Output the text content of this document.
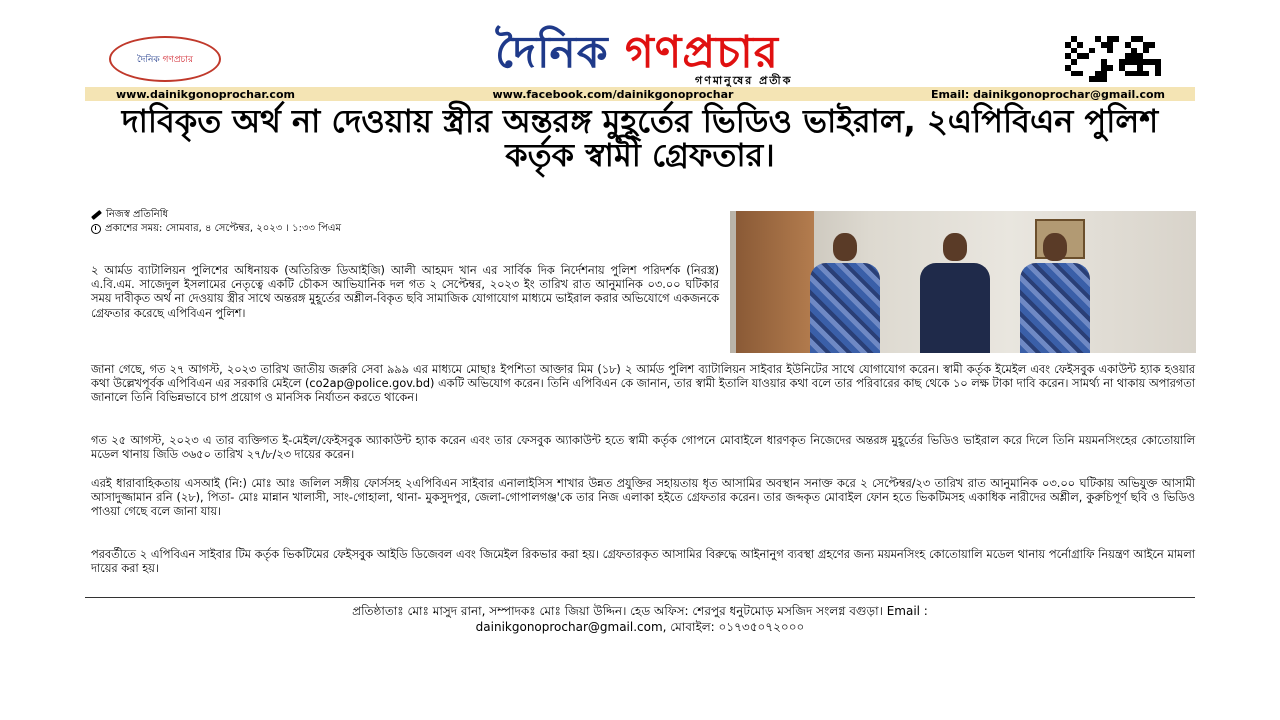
দৈনিক
গণপ্রচার	দৈনিক গণপ্রচার
গণমানুষের প্রতীক
www.dainikgonoprochar.com	www.facebook.com/dainikgonoprochar	Email: dainikgonoprochar@gmail.com
দাবিকৃত অর্থ না দেওয়ায় স্ত্রীর অন্তরঙ্গ মুহূর্তের ভিডিও ভাইরাল, ২এপিবিএন পুলিশ কর্তৃক স্বামী গ্রেফতার।
নিজস্ব প্রতিনিধি
প্রকাশের সময়: সোমবার, ৪ সেপ্টেম্বর, ২০২৩ । ১:৩৩ পিএম

২ আর্মড ব্যাটালিয়ন পুলিশের অধিনায়ক (অতিরিক্ত ডিআইজি) আলী আহমদ খান এর সার্বিক দিক নির্দেশনায় পুলিশ পরিদর্শক (নিরস্ত্র) এ.বি.এম. সাজেদুল ইসলামের নেতৃত্বে একটি চৌকস আভিযানিক দল গত ২ সেপ্টেম্বর, ২০২৩ ইং তারিখ রাত আনুমানিক ০৩.০০ ঘটিকার সময় দাবীকৃত অর্থ না দেওয়ায় স্ত্রীর সাথে অন্তরঙ্গ মুহূর্তের অশ্লীল-বিকৃত ছবি সামাজিক যোগাযোগ মাধ্যমে ভাইরাল করার অভিযোগে একজনকে গ্রেফতার করেছে এপিবিএন পুলিশ।

জানা গেছে, গত ২৭ আগস্ট, ২০২৩ তারিখ জাতীয় জরুরি সেবা ৯৯৯ এর মাধ্যমে মোছাঃ ইপশিতা আক্তার মিম (১৮) ২ আর্মড পুলিশ ব্যাটালিয়ন সাইবার ইউনিটের সাথে যোগাযোগ করেন। স্বামী কর্তৃক ইমেইল এবং ফেইসবুক একাউন্ট হ্যাক হওয়ার কথা উল্লেখপূর্বক এপিবিএন এর সরকারি মেইলে (co2ap@police.gov.bd) একটি অভিযোগ করেন। তিনি এপিবিএন কে জানান, তার স্বামী ইতালি যাওয়ার কথা বলে তার পরিবারের কাছ থেকে ১০ লক্ষ টাকা দাবি করেন। সামর্থ্য না থাকায় অপারগতা জানালে তিনি বিভিন্নভাবে চাপ প্রয়োগ ও মানসিক নির্যাতন করতে থাকেন।

গত ২৫ আগস্ট, ২০২৩ এ তার ব্যক্তিগত ই-মেইল/ফেইসবুক অ্যাকাউন্ট হ্যাক করেন এবং তার ফেসবুক অ্যাকাউন্ট হতে স্বামী কর্তৃক গোপনে মোবাইলে ধারণকৃত নিজেদের অন্তরঙ্গ মুহূর্তের ভিডিও ভাইরাল করে দিলে তিনি ময়মনসিংহের কোতোয়ালি মডেল থানায় জিডি ৩৬৫০ তারিখ ২৭/৮/২৩ দায়ের করেন।

এরই ধারাবাহিকতায় এসআই (নি:) মোঃ আঃ জলিল সঙ্গীয় ফোর্সসহ ২এপিবিএন সাইবার এনালাইসিস শাখার উন্নত প্রযুক্তির সহায়তায় ধৃত আসামির অবস্থান সনাক্ত করে ২ সেপ্টেম্বর/২৩ তারিখ রাত আনুমানিক ০৩.০০ ঘটিকায় অভিযুক্ত আসামী আসাদুজ্জামান রনি (২৮), পিতা- মোঃ মান্নান খালাসী, সাং-গোহালা, থানা- মুকসুদপুর, জেলা-গোপালগঞ্জ'কে তার নিজ এলাকা হইতে গ্রেফতার করেন। তার জব্দকৃত মোবাইল ফোন হতে ভিকটিমসহ একাধিক নারীদের অশ্লীল, কুরুচিপূর্ণ ছবি ও ভিডিও পাওয়া গেছে বলে জানা যায়।

পরবর্তীতে ২ এপিবিএন সাইবার টিম কর্তৃক ভিকটিমের ফেইসবুক আইডি ডিজেবল এবং জিমেইল রিকভার করা হয়। গ্রেফতারকৃত আসামির বিরুদ্ধে আইনানুগ ব্যবস্থা গ্রহণের জন্য ময়মনসিংহ কোতোয়ালি মডেল থানায় পর্নোগ্রাফি নিয়ন্ত্রণ আইনে মামলা দায়ের করা হয়।

প্রতিষ্ঠাতাঃ মোঃ মাসুদ রানা, সম্পাদকঃ মোঃ জিয়া উদ্দিন। হেড অফিস: শেরপুর ধনুটমোড় মসজিদ সংলগ্ন বগুড়া। Email :
dainikgonoprochar@gmail.com, মোবাইল: ০১৭৩৫০৭২০০০
